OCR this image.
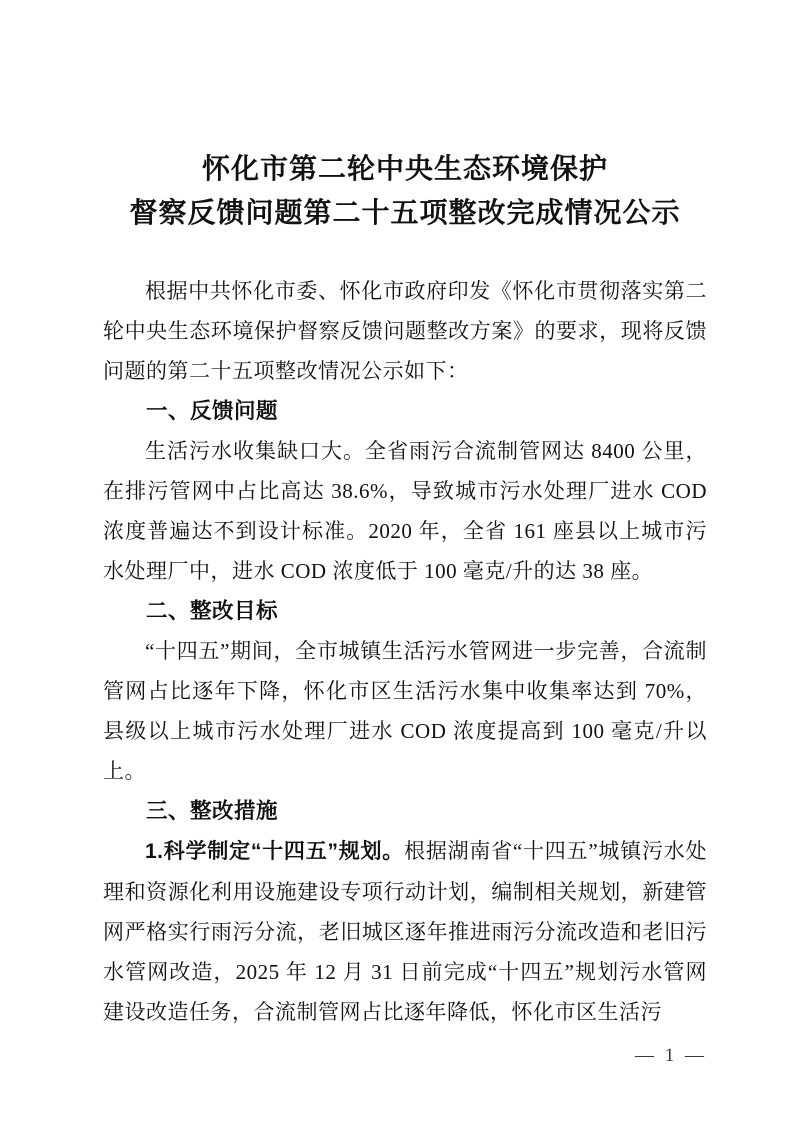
怀化市第二轮中央生态环境保护
督察反馈问题第二十五项整改完成情况公示

根据中共怀化市委、怀化市政府印发《怀化市贯彻落实第二轮中央生态环境保护督察反馈问题整改方案》的要求，现将反馈问题的第二十五项整改情况公示如下：

一、反馈问题

生活污水收集缺口大。全省雨污合流制管网达 8400 公里，在排污管网中占比高达 38.6%，导致城市污水处理厂进水 COD 浓度普遍达不到设计标准。2020 年，全省 161 座县以上城市污水处理厂中，进水 COD 浓度低于 100 毫克/升的达 38 座。

二、整改目标

“十四五”期间，全市城镇生活污水管网进一步完善，合流制管网占比逐年下降，怀化市区生活污水集中收集率达到 70%，县级以上城市污水处理厂进水 COD 浓度提高到 100 毫克/升以上。

三、整改措施

1.科学制定“十四五”规划。根据湖南省“十四五”城镇污水处理和资源化利用设施建设专项行动计划，编制相关规划，新建管网严格实行雨污分流，老旧城区逐年推进雨污分流改造和老旧污水管网改造，2025 年 12 月 31 日前完成“十四五”规划污水管网建设改造任务，合流制管网占比逐年降低，怀化市区生活污

— 1 —
